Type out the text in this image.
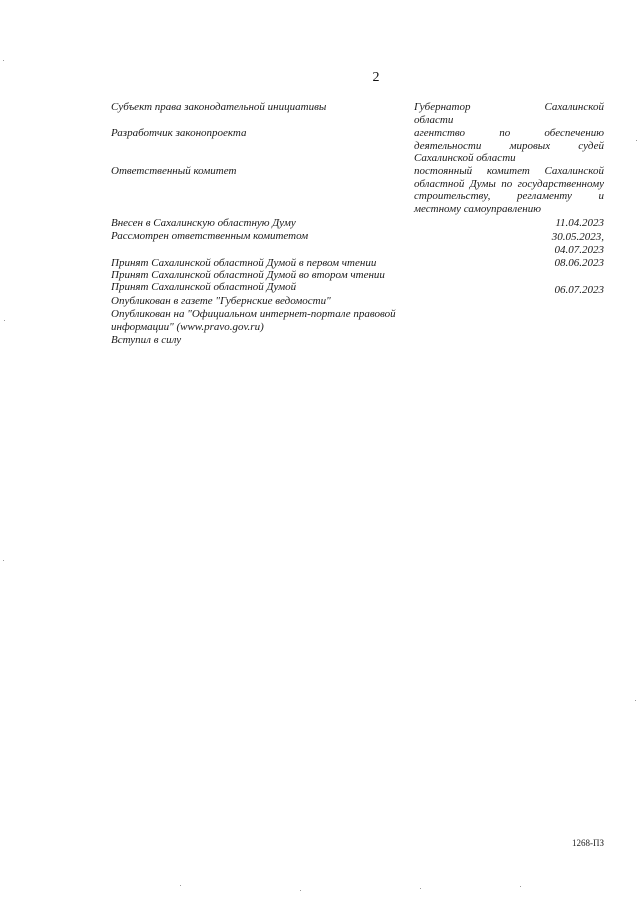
2
Субъект права законодательной инициативы	Губернатор Сахалинской
области
Разработчик законопроекта	агентство по обеспечению
деятельности мировых судей
Сахалинской области
Ответственный комитет	постоянный комитет Сахалинской
областной Думы по государственному
строительству, регламенту и
местному самоуправлению
Внесен в Сахалинскую областную Думу	11.04.2023
Рассмотрен ответственным комитетом	30.05.2023,
04.07.2023
Принят Сахалинской областной Думой в первом чтении	08.06.2023
Принят Сахалинской областной Думой во втором чтении
Принят Сахалинской областной Думой	06.07.2023
Опубликован в газете "Губернские ведомости"
Опубликован на "Официальном интернет-портале правовой
информации" (www.pravo.gov.ru)
Вступил в силу
1268-ПЗ
